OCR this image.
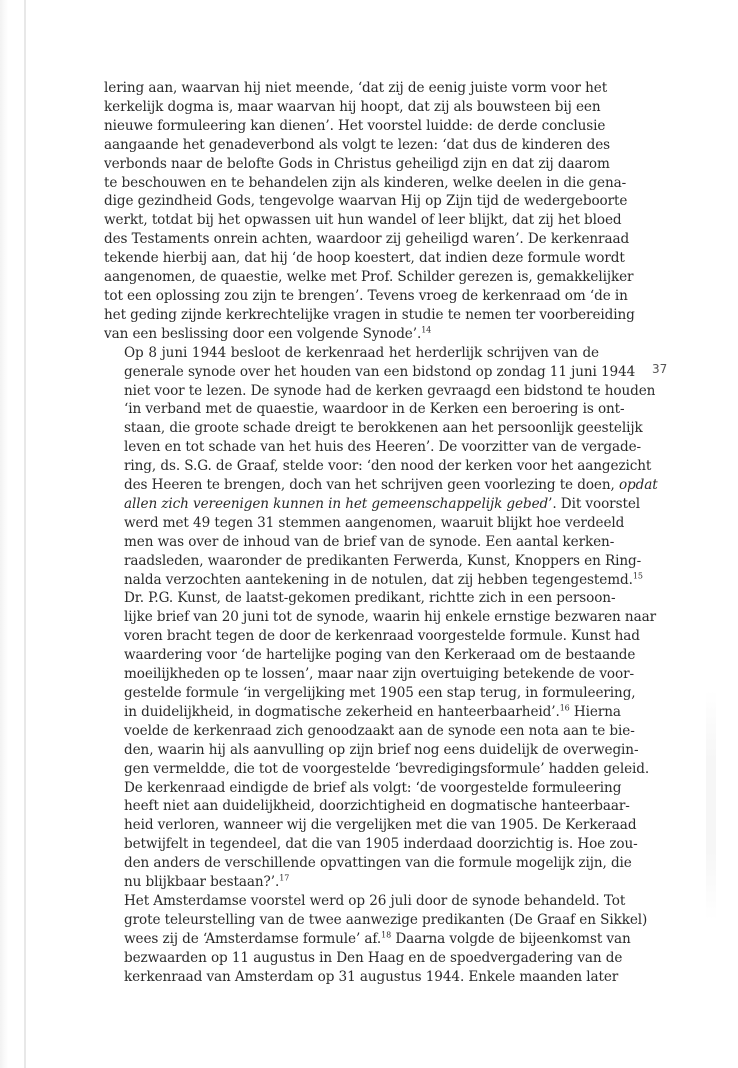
lering aan, waarvan hij niet meende, ‘dat zij de eenig juiste vorm voor het
kerkelijk dogma is, maar waarvan hij hoopt, dat zij als bouwsteen bij een
nieuwe formuleering kan dienen’. Het voorstel luidde: de derde conclusie
aangaande het genadeverbond als volgt te lezen: ‘dat dus de kinderen des
verbonds naar de belofte Gods in Christus geheiligd zijn en dat zij daarom
te beschouwen en te behandelen zijn als kinderen, welke deelen in die gena-
dige gezindheid Gods, tengevolge waarvan Hij op Zijn tijd de wedergeboorte
werkt, totdat bij het opwassen uit hun wandel of leer blijkt, dat zij het bloed
des Testaments onrein achten, waardoor zij geheiligd waren’. De kerkenraad
tekende hierbij aan, dat hij ‘de hoop koestert, dat indien deze formule wordt
aangenomen, de quaestie, welke met Prof. Schilder gerezen is, gemakkelijker
tot een oplossing zou zijn te brengen’. Tevens vroeg de kerkenraad om ‘de in
het geding zijnde kerkrechtelijke vragen in studie te nemen ter voorbereiding
van een beslissing door een volgende Synode’.$^{14}$

Op 8 juni 1944 besloot de kerkenraad het herderlijk schrijven van de
generale synode over het houden van een bidstond op zondag 11 juni 1944
niet voor te lezen. De synode had de kerken gevraagd een bidstond te houden
‘in verband met de quaestie, waardoor in de Kerken een beroering is ont-
staan, die groote schade dreigt te berokkenen aan het persoonlijk geestelijk
leven en tot schade van het huis des Heeren’. De voorzitter van de vergade-
ring, ds. S.G. de Graaf, stelde voor: ‘den nood der kerken voor het aangezicht
des Heeren te brengen, doch van het schrijven geen voorlezing te doen, opdat
allen zich vereenigen kunnen in het gemeenschappelijk gebed’. Dit voorstel
werd met 49 tegen 31 stemmen aangenomen, waaruit blijkt hoe verdeeld
men was over de inhoud van de brief van de synode. Een aantal kerken-
raadsleden, waaronder de predikanten Ferwerda, Kunst, Knoppers en Ring-
nalda verzochten aantekening in de notulen, dat zij hebben tegengestemd.$^{15}$

Dr. P.G. Kunst, de laatst-gekomen predikant, richtte zich in een persoon-
lijke brief van 20 juni tot de synode, waarin hij enkele ernstige bezwaren naar
voren bracht tegen de door de kerkenraad voorgestelde formule. Kunst had
waardering voor ‘de hartelijke poging van den Kerkeraad om de bestaande
moeilijkheden op te lossen’, maar naar zijn overtuiging betekende de voor-
gestelde formule ‘in vergelijking met 1905 een stap terug, in formuleering,
in duidelijkheid, in dogmatische zekerheid en hanteerbaarheid’.$^{16}$ Hierna
voelde de kerkenraad zich genoodzaakt aan de synode een nota aan te bie-
den, waarin hij als aanvulling op zijn brief nog eens duidelijk de overwegin-
gen vermeldde, die tot de voorgestelde ‘bevredigingsformule’ hadden geleid.
De kerkenraad eindigde de brief als volgt: ‘de voorgestelde formuleering
heeft niet aan duidelijkheid, doorzichtigheid en dogmatische hanteerbaar-
heid verloren, wanneer wij die vergelijken met die van 1905. De Kerkeraad
betwijfelt in tegendeel, dat die van 1905 inderdaad doorzichtig is. Hoe zou-
den anders de verschillende opvattingen van die formule mogelijk zijn, die
nu blijkbaar bestaan?’.$^{17}$

Het Amsterdamse voorstel werd op 26 juli door de synode behandeld. Tot
grote teleurstelling van de twee aanwezige predikanten (De Graaf en Sikkel)
wees zij de ‘Amsterdamse formule’ af.$^{18}$ Daarna volgde de bijeenkomst van
bezwaarden op 11 augustus in Den Haag en de spoedvergadering van de
kerkenraad van Amsterdam op 31 augustus 1944. Enkele maanden later

37
